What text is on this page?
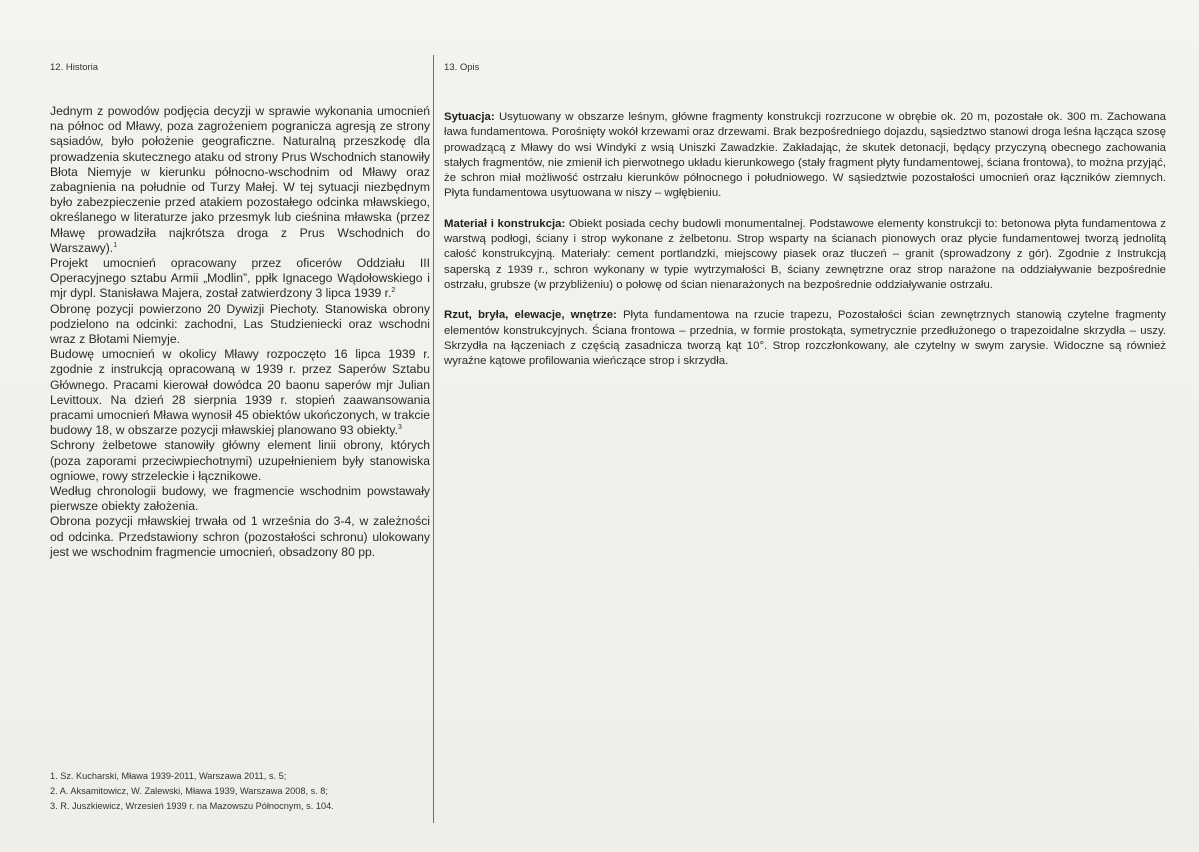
12. Historia	13. Opis

Jednym z powodów podjęcia decyzji w sprawie wykonania umocnień na północ od Mławy, poza zagrożeniem pogranicza agresją ze strony sąsiadów, było położenie geograficzne. Naturalną przeszkodę dla prowadzenia skutecznego ataku od strony Prus Wschodnich stanowiły Błota Niemyje w kierunku północno-wschodnim od Mławy oraz zabagnienia na południe od Turzy Małej. W tej sytuacji niezbędnym było zabezpieczenie przed atakiem pozostałego odcinka mławskiego, określanego w literaturze jako przesmyk lub cieśnina mławska (przez Mławę prowadziła najkrótsza droga z Prus Wschodnich do Warszawy).$^1$

Projekt umocnień opracowany przez oficerów Oddziału III Operacyjnego sztabu Armii „Modlin”, ppłk Ignacego Wądołowskiego i mjr dypl. Stanisława Majera, został zatwierdzony 3 lipca 1939 r.$^2$

Obronę pozycji powierzono 20 Dywizji Piechoty. Stanowiska obrony podzielono na odcinki: zachodni, Las Studzieniecki oraz wschodni wraz z Błotami Niemyje.

Budowę umocnień w okolicy Mławy rozpoczęto 16 lipca 1939 r. zgodnie z instrukcją opracowaną w 1939 r. przez Saperów Sztabu Głównego. Pracami kierował dowódca 20 baonu saperów mjr Julian Levittoux. Na dzień 28 sierpnia 1939 r. stopień zaawansowania pracami umocnień Mława wynosił 45 obiektów ukończonych, w trakcie budowy 18, w obszarze pozycji mławskiej planowano 93 obiekty.$^3$

Schrony żelbetowe stanowiły główny element linii obrony, których (poza zaporami przeciwpiechotnymi) uzupełnieniem były stanowiska ogniowe, rowy strzeleckie i łącznikowe.

Według chronologii budowy, we fragmencie wschodnim powstawały pierwsze obiekty założenia.

Obrona pozycji mławskiej trwała od 1 września do 3-4, w zależności od odcinka. Przedstawiony schron (pozostałości schronu) ulokowany jest we wschodnim fragmencie umocnień, obsadzony 80 pp.

Sytuacja: Usytuowany w obszarze leśnym, główne fragmenty konstrukcji rozrzucone w obrębie ok. 20 m, pozostałe ok. 300 m. Zachowana ława fundamentowa. Porośnięty wokół krzewami oraz drzewami. Brak bezpośredniego dojazdu, sąsiedztwo stanowi droga leśna łącząca szosę prowadzącą z Mławy do wsi Windyki z wsią Uniszki Zawadzkie. Zakładając, że skutek detonacji, będący przyczyną obecnego zachowania stałych fragmentów, nie zmienił ich pierwotnego układu kierunkowego (stały fragment płyty fundamentowej, ściana frontowa), to można przyjąć, że schron miał możliwość ostrzału kierunków północnego i południowego. W sąsiedztwie pozostałości umocnień oraz łączników ziemnych. Płyta fundamentowa usytuowana w niszy – wgłębieniu.

Materiał i konstrukcja: Obiekt posiada cechy budowli monumentalnej. Podstawowe elementy konstrukcji to: betonowa płyta fundamentowa z warstwą podłogi, ściany i strop wykonane z żelbetonu. Strop wsparty na ścianach pionowych oraz płycie fundamentowej tworzą jednolitą całość konstrukcyjną. Materiały: cement portlandzki, miejscowy piasek oraz tłuczeń – granit (sprowadzony z gór). Zgodnie z Instrukcją saperską z 1939 r., schron wykonany w typie wytrzymałości B, ściany zewnętrzne oraz strop narażone na oddziaływanie bezpośrednie ostrzału, grubsze (w przybliżeniu) o połowę od ścian nienarażonych na bezpośrednie oddziaływanie ostrzału.

Rzut, bryła, elewacje, wnętrze: Płyta fundamentowa na rzucie trapezu, Pozostałości ścian zewnętrznych stanowią czytelne fragmenty elementów konstrukcyjnych. Ściana frontowa – przednia, w formie prostokąta, symetrycznie przedłużonego o trapezoidalne skrzydła – uszy. Skrzydła na łączeniach z częścią zasadnicza tworzą kąt 10°. Strop rozczłonkowany, ale czytelny w swym zarysie. Widoczne są również wyraźne kątowe profilowania wieńczące strop i skrzydła.

1. Sz. Kucharski, Mława 1939-2011, Warszawa 2011, s. 5;
2. A. Aksamitowicz, W. Zalewski, Mława 1939, Warszawa 2008, s. 8;
3. R. Juszkiewicz, Wrzesień 1939 r. na Mazowszu Północnym, s. 104.
